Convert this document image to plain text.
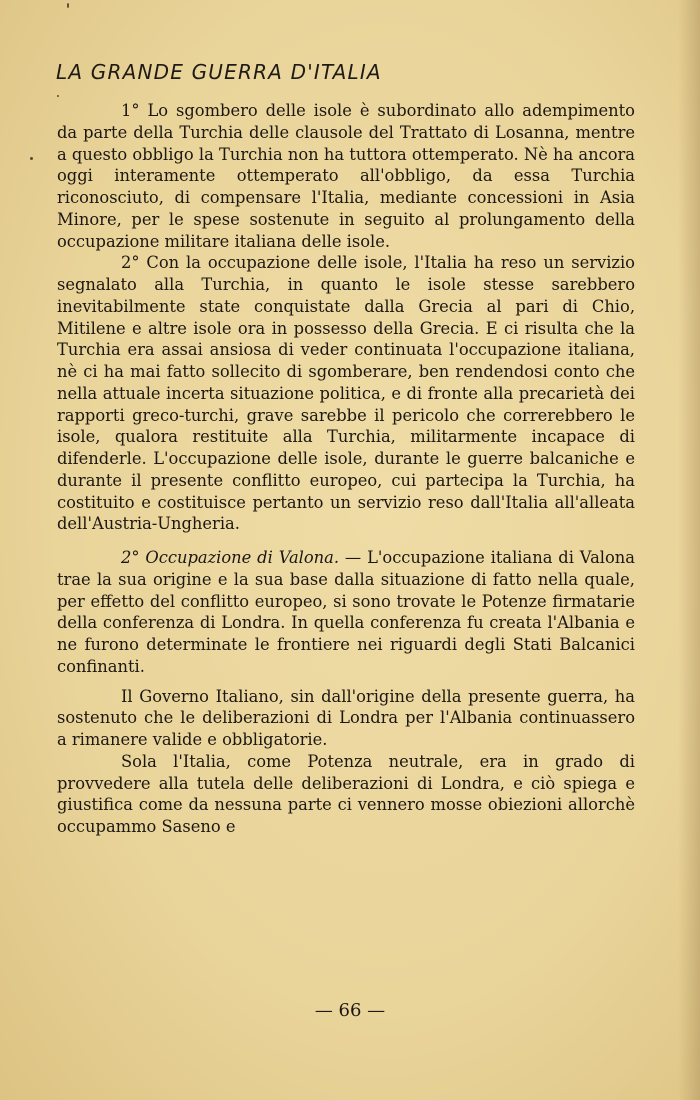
LA GRANDE GUERRA D'ITALIA

1° Lo sgombero delle isole è subordinato allo adempimento da parte della Turchia delle clausole del Trattato di Losanna, mentre a questo obbligo la Turchia non ha tuttora ottemperato. Nè ha ancora oggi interamente ottemperato all'obbligo, da essa Turchia riconosciuto, di compensare l'Italia, mediante concessioni in Asia Minore, per le spese sostenute in seguito al prolungamento della occupazione militare italiana delle isole.

2° Con la occupazione delle isole, l'Italia ha reso un servizio segnalato alla Turchia, in quanto le isole stesse sarebbero inevitabilmente state conquistate dalla Grecia al pari di Chio, Mitilene e altre isole ora in possesso della Grecia. E ci risulta che la Turchia era assai ansiosa di veder continuata l'occupazione italiana, nè ci ha mai fatto sollecito di sgomberare, ben rendendosi conto che nella attuale incerta situazione politica, e di fronte alla precarietà dei rapporti greco-turchi, grave sarebbe il pericolo che correrebbero le isole, qualora restituite alla Turchia, militarmente incapace di difenderle. L'occupazione delle isole, durante le guerre balcaniche e durante il presente conflitto europeo, cui partecipa la Turchia, ha costituito e costituisce pertanto un servizio reso dall'Italia all'alleata dell'Austria-Ungheria.

2° Occupazione di Valona. — L'occupazione italiana di Valona trae la sua origine e la sua base dalla situazione di fatto nella quale, per effetto del conflitto europeo, si sono trovate le Potenze firmatarie della conferenza di Londra. In quella conferenza fu creata l'Albania e ne furono determinate le frontiere nei riguardi degli Stati Balcanici confinanti.

Il Governo Italiano, sin dall'origine della presente guerra, ha sostenuto che le deliberazioni di Londra per l'Albania continuassero a rimanere valide e obbligatorie.

Sola l'Italia, come Potenza neutrale, era in grado di provvedere alla tutela delle deliberazioni di Londra, e ciò spiega e giustifica come da nessuna parte ci vennero mosse obiezioni allorchè occupammo Saseno e

— 66 —
